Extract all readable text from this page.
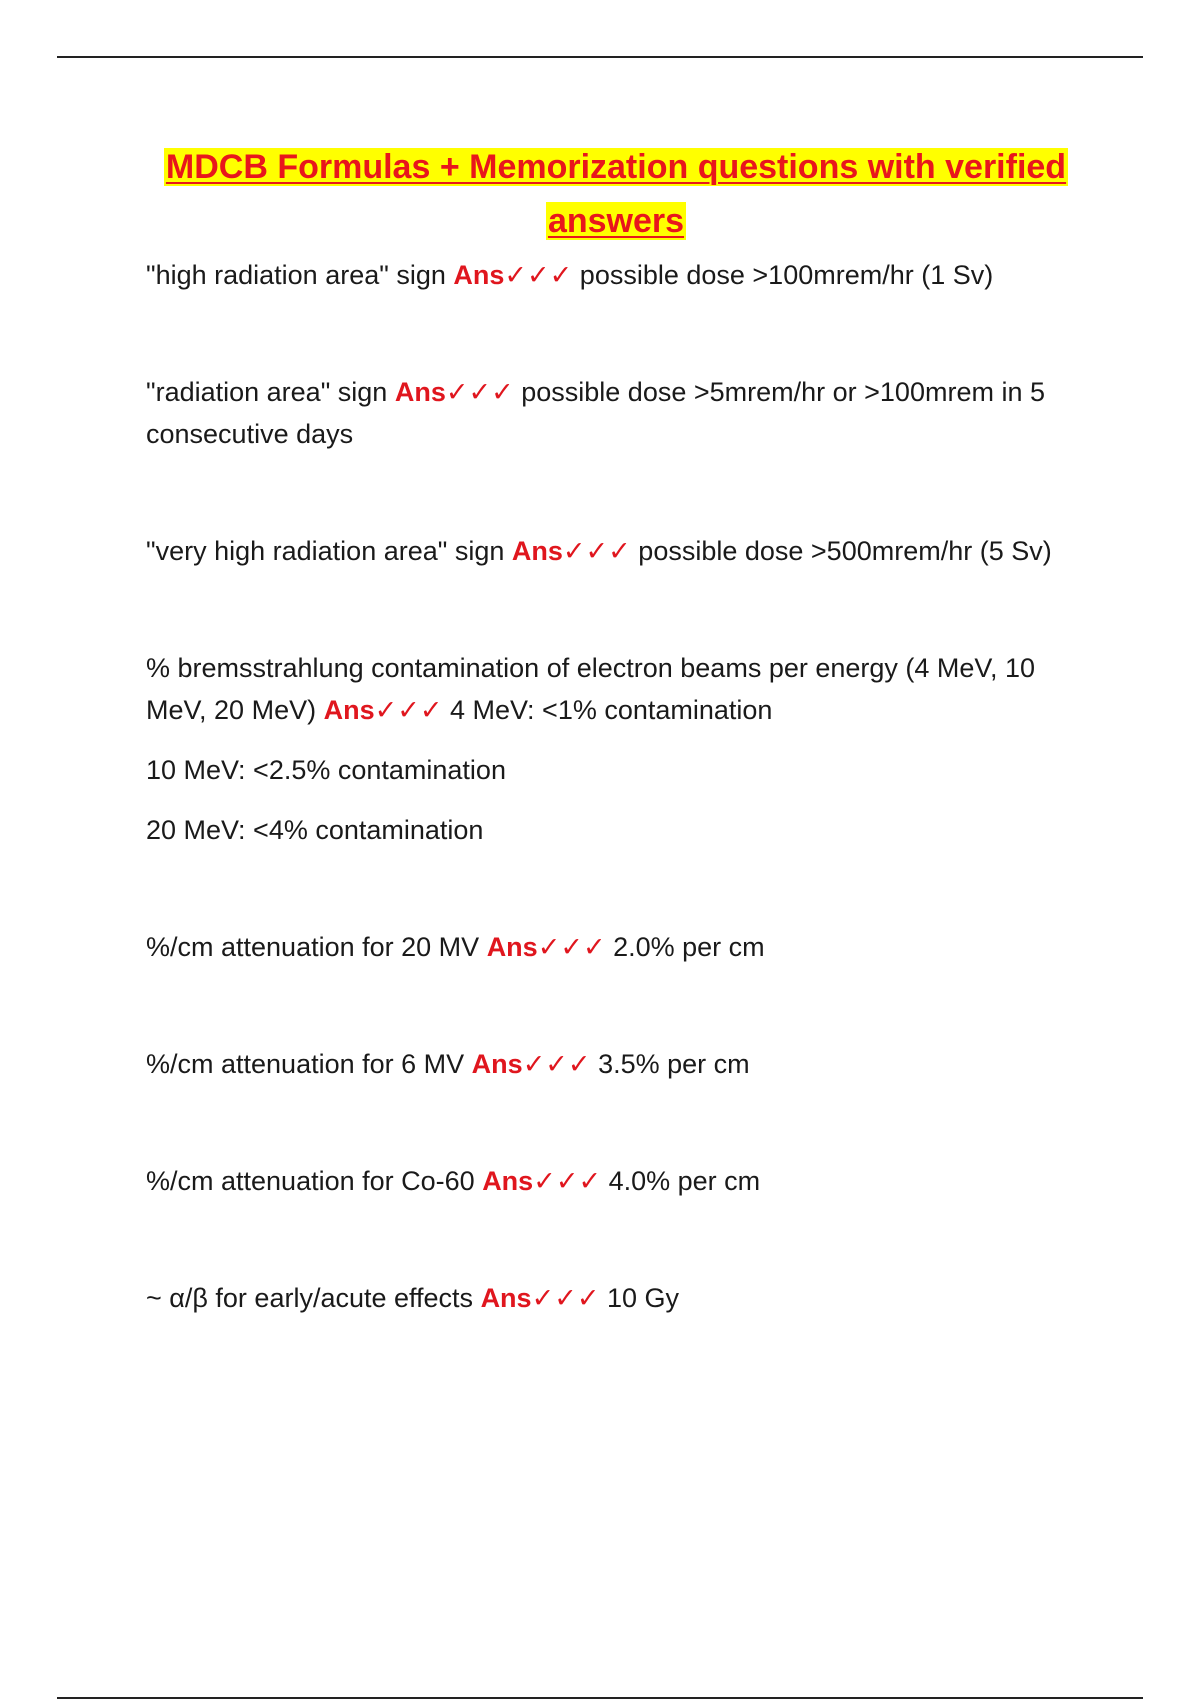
MDCB Formulas + Memorization questions with verified answers

"high radiation area" sign Ans✓✓✓ possible dose >100mrem/hr (1 Sv)

"radiation area" sign Ans✓✓✓ possible dose >5mrem/hr or >100mrem in 5 consecutive days

"very high radiation area" sign Ans✓✓✓ possible dose >500mrem/hr (5 Sv)

% bremsstrahlung contamination of electron beams per energy (4 MeV, 10 MeV, 20 MeV) Ans✓✓✓ 4 MeV: <1% contamination

10 MeV: <2.5% contamination

20 MeV: <4% contamination

%/cm attenuation for 20 MV Ans✓✓✓ 2.0% per cm

%/cm attenuation for 6 MV Ans✓✓✓ 3.5% per cm

%/cm attenuation for Co-60 Ans✓✓✓ 4.0% per cm

~ α/β for early/acute effects Ans✓✓✓ 10 Gy
